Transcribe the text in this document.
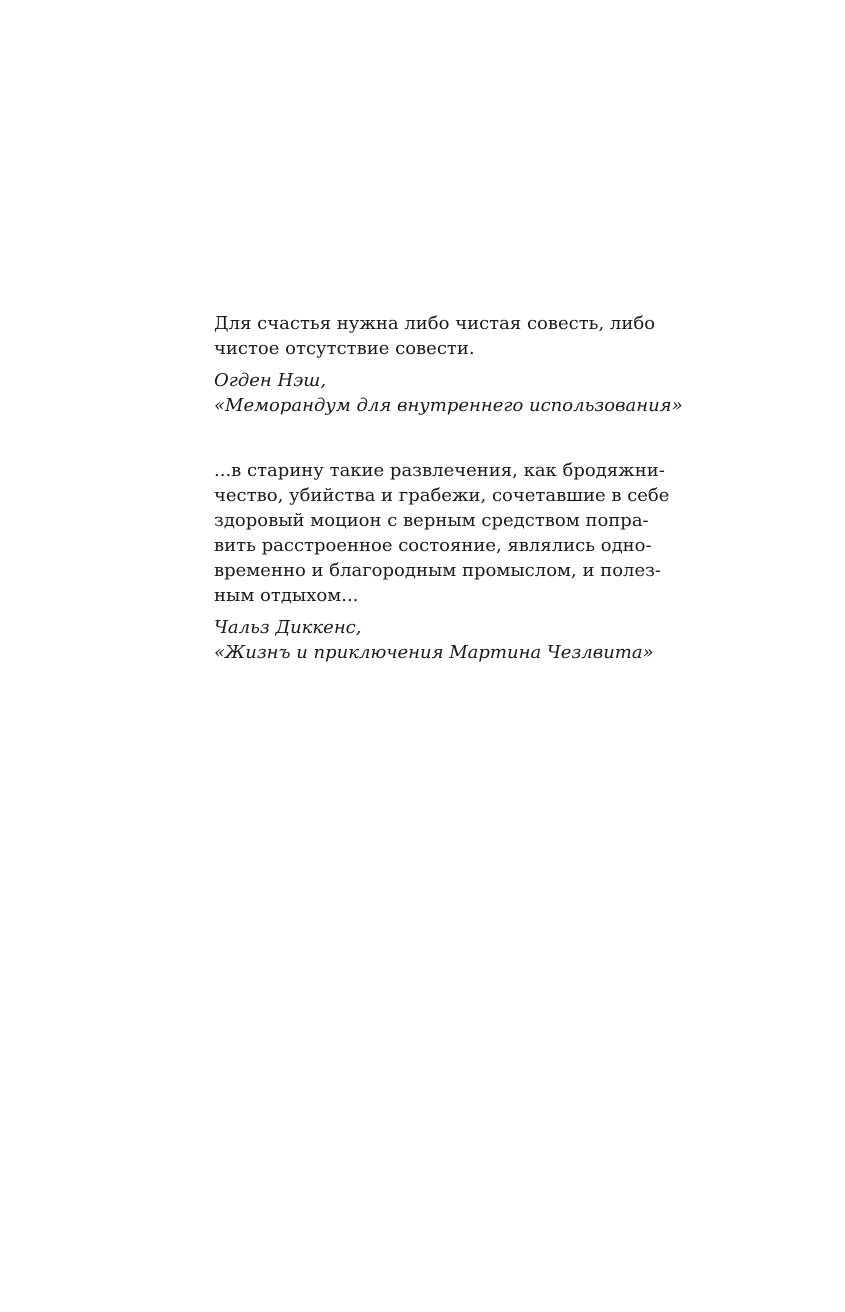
Для счастья нужна либо чистая совесть, либо
чистое отсутствие совести.

Огден Нэш,
«Меморандум для внутреннего использования»

...в старину такие развлечения, как бродяжни-
чество, убийства и грабежи, сочетавшие в себе
здоровый моцион с верным средством попра-
вить расстроенное состояние, являлись одно-
временно и благородным промыслом, и полез-
ным отдыхом...

Чальз Диккенс,
«Жизнъ и приключения Мартина Чезлвита»
